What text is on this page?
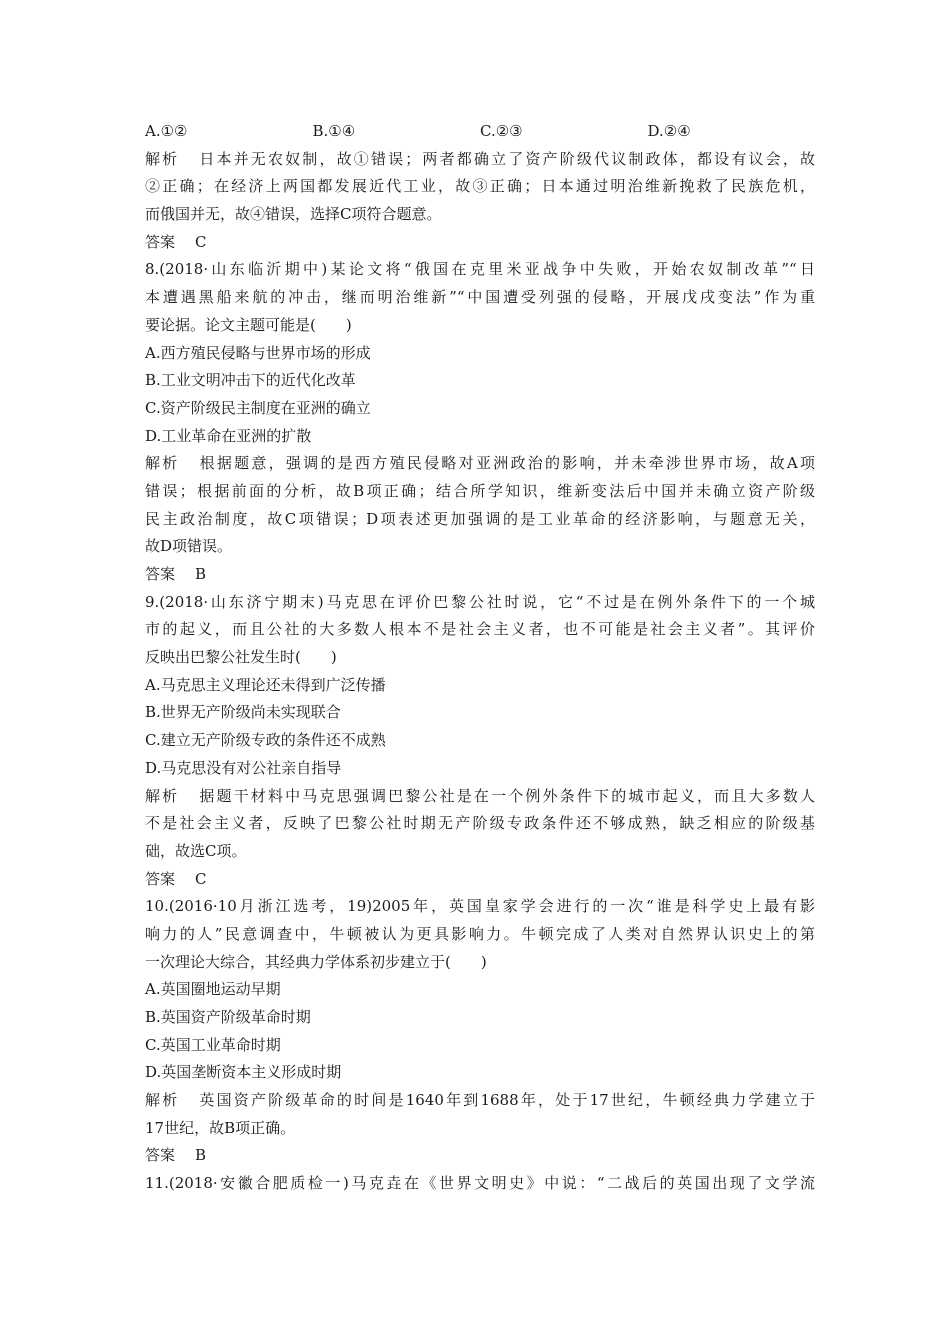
A.①②	B.①④	C.②③	D.②④
解析 日本并无农奴制，故①错误；两者都确立了资产阶级代议制政体，都设有议会，故
②正确；在经济上两国都发展近代工业，故③正确；日本通过明治维新挽救了民族危机，
而俄国并无，故④错误，选择C项符合题意。
答案 C
8.(2018·山东临沂期中)某论文将“俄国在克里米亚战争中失败，开始农奴制改革”“日
本遭遇黑船来航的冲击，继而明治维新”“中国遭受列强的侵略，开展戊戌变法”作为重
要论据。论文主题可能是(　　)
A.西方殖民侵略与世界市场的形成
B.工业文明冲击下的近代化改革
C.资产阶级民主制度在亚洲的确立
D.工业革命在亚洲的扩散
解析 根据题意，强调的是西方殖民侵略对亚洲政治的影响，并未牵涉世界市场，故A项
错误；根据前面的分析，故B项正确；结合所学知识，维新变法后中国并未确立资产阶级
民主政治制度，故C项错误；D项表述更加强调的是工业革命的经济影响，与题意无关，
故D项错误。
答案 B
9.(2018·山东济宁期末)马克思在评价巴黎公社时说，它“不过是在例外条件下的一个城
市的起义，而且公社的大多数人根本不是社会主义者，也不可能是社会主义者”。其评价
反映出巴黎公社发生时(　　)
A.马克思主义理论还未得到广泛传播
B.世界无产阶级尚未实现联合
C.建立无产阶级专政的条件还不成熟
D.马克思没有对公社亲自指导
解析 据题干材料中马克思强调巴黎公社是在一个例外条件下的城市起义，而且大多数人
不是社会主义者，反映了巴黎公社时期无产阶级专政条件还不够成熟，缺乏相应的阶级基
础，故选C项。
答案 C
10.(2016·10月浙江选考，19)2005年，英国皇家学会进行的一次“谁是科学史上最有影
响力的人”民意调查中，牛顿被认为更具影响力。牛顿完成了人类对自然界认识史上的第
一次理论大综合，其经典力学体系初步建立于(　　)
A.英国圈地运动早期
B.英国资产阶级革命时期
C.英国工业革命时期
D.英国垄断资本主义形成时期
解析 英国资产阶级革命的时间是1640年到1688年，处于17世纪，牛顿经典力学建立于
17世纪，故B项正确。
答案 B
11.(2018·安徽合肥质检一)马克垚在《世界文明史》中说：“二战后的英国出现了文学流
